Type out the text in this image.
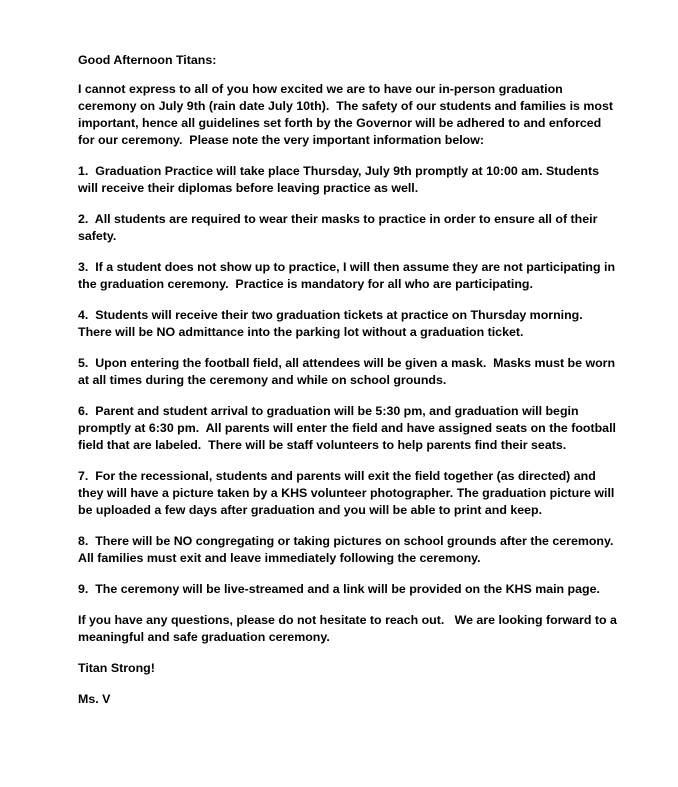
Good Afternoon Titans:

I cannot express to all of you how excited we are to have our in-person graduation ceremony on July 9th (rain date July 10th).  The safety of our students and families is most important, hence all guidelines set forth by the Governor will be adhered to and enforced for our ceremony.  Please note the very important information below:

1.  Graduation Practice will take place Thursday, July 9th promptly at 10:00 am. Students will receive their diplomas before leaving practice as well.

2.  All students are required to wear their masks to practice in order to ensure all of their safety.

3.  If a student does not show up to practice, I will then assume they are not participating in the graduation ceremony.  Practice is mandatory for all who are participating.

4.  Students will receive their two graduation tickets at practice on Thursday morning. There will be NO admittance into the parking lot without a graduation ticket.

5.  Upon entering the football field, all attendees will be given a mask.  Masks must be worn at all times during the ceremony and while on school grounds.

6.  Parent and student arrival to graduation will be 5:30 pm, and graduation will begin promptly at 6:30 pm.  All parents will enter the field and have assigned seats on the football field that are labeled.  There will be staff volunteers to help parents find their seats.

7.  For the recessional, students and parents will exit the field together (as directed) and they will have a picture taken by a KHS volunteer photographer. The graduation picture will be uploaded a few days after graduation and you will be able to print and keep.

8.  There will be NO congregating or taking pictures on school grounds after the ceremony. All families must exit and leave immediately following the ceremony.

9.  The ceremony will be live-streamed and a link will be provided on the KHS main page.

If you have any questions, please do not hesitate to reach out.   We are looking forward to a meaningful and safe graduation ceremony.

Titan Strong!

Ms. V
